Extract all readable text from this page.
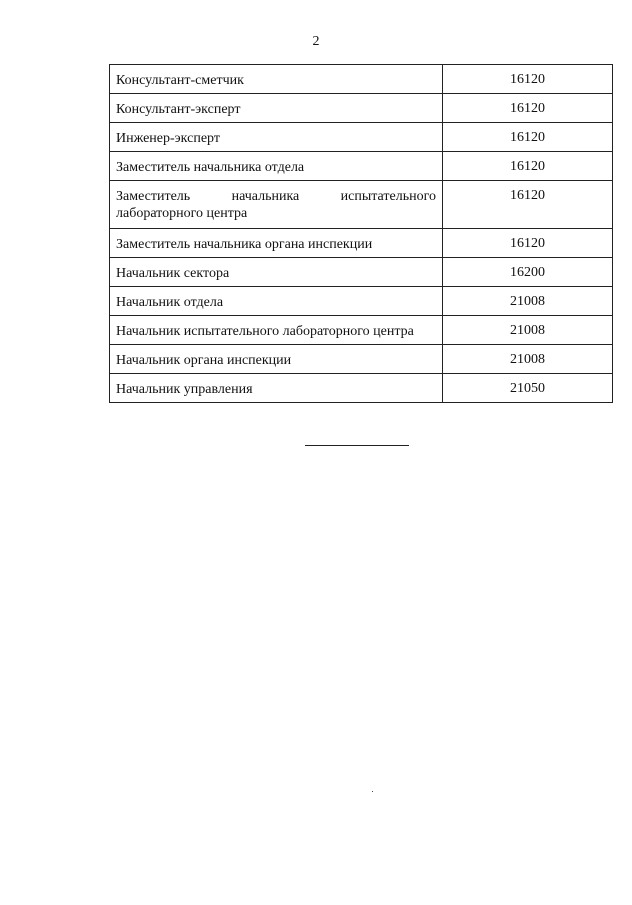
2
Консультант-сметчик	16120
Консультант-эксперт	16120
Инженер-эксперт	16120
Заместитель начальника отдела	16120
Заместитель начальника испытательного лабораторного центра	16120
Заместитель начальника органа инспекции	16120
Начальник сектора	16200
Начальник отдела	21008
Начальник испытательного лабораторного центра	21008
Начальник органа инспекции	21008
Начальник управления	21050
